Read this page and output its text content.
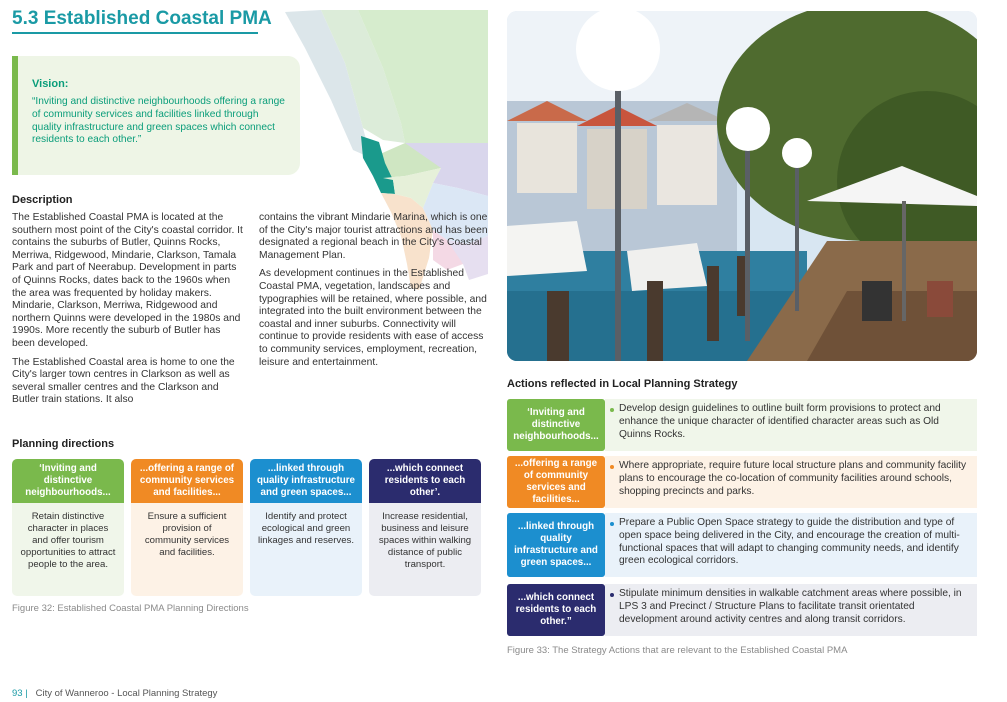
5.3 Established Coastal PMA
Vision:
“Inviting and distinctive neighbourhoods offering a range of community services and facilities linked through quality infrastructure and green spaces which connect residents to each other.”
Description

The Established Coastal PMA is located at the southern most point of the City's coastal corridor. It contains the suburbs of Butler, Quinns Rocks, Merriwa, Ridgewood, Mindarie, Clarkson, Tamala Park and part of Neerabup. Development in parts of Quinns Rocks, dates back to the 1960s when the area was frequented by holiday makers. Mindarie, Clarkson, Merriwa, Ridgewood and northern Quinns were developed in the 1980s and 1990s. More recently the suburb of Butler has been developed.

The Established Coastal area is home to one the City's larger town centres in Clarkson as well as several smaller centres and the Clarkson and Butler train stations. It also

contains the vibrant Mindarie Marina, which is one of the City's major tourist attractions and has been designated a regional beach in the City's Coastal Management Plan.

As development continues in the Established Coastal PMA, vegetation, landscapes and typographies will be retained, where possible, and integrated into the built environment between the coastal and inner suburbs. Connectivity will continue to provide residents with ease of access to community services, employment, recreation, leisure and entertainment.

Planning directions
‘Inviting and distinctive neighbourhoods...
Retain distinctive character in places and offer tourism opportunities to attract people to the area.
...offering a range of community services and facilities...
Ensure a sufficient provision of community services and facilities.
...linked through quality infrastructure and green spaces...
Identify and protect ecological and green linkages and reserves.
...which connect residents to each other’.
Increase residential, business and leisure spaces within walking distance of public transport.
Figure 32: Established Coastal PMA Planning Directions
Actions reflected in Local Planning Strategy
‘Inviting and distinctive neighbourhoods...
Develop design guidelines to outline built form provisions to protect and enhance the unique character of identified character areas such as Old Quinns Rocks.
...offering a range of community services and facilities...
Where appropriate, require future local structure plans and community facility plans to encourage the co-location of community facilities around schools, shopping precincts and parks.
...linked through quality infrastructure and green spaces...
Prepare a Public Open Space strategy to guide the distribution and type of open space being delivered in the City, and encourage the creation of multi-functional spaces that will adapt to changing community needs, and identify green ecological corridors.
...which connect residents to each other.”
Stipulate minimum densities in walkable catchment areas where possible, in LPS 3 and Precinct / Structure Plans to facilitate transit orientated development around activity centres and along transit corridors.
Figure 33: The Strategy Actions that are relevant to the Established Coastal PMA
93 | City of Wanneroo - Local Planning Strategy
